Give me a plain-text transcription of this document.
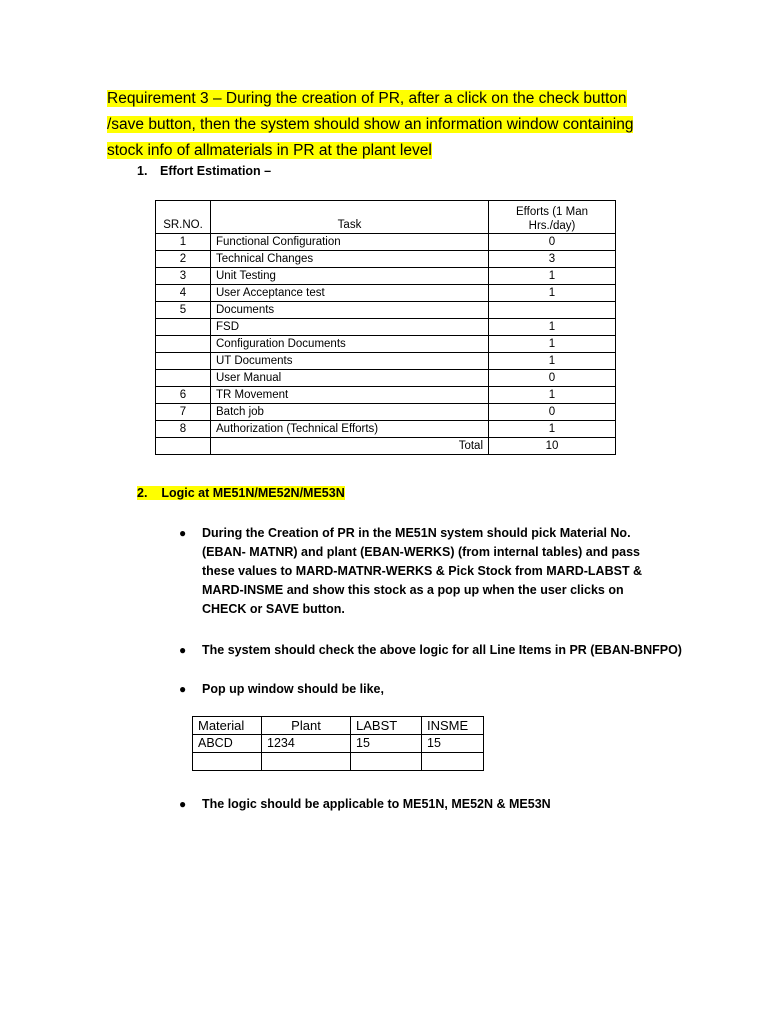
Requirement 3 – During the creation of PR, after a click on the check button
/save button, then the system should show an information window containing
stock info of allmaterials in PR at the plant level
1. Effort Estimation –
SR.NO.	Task	Efforts (1 Man Hrs./day)
1	Functional Configuration	0
2	Technical Changes	3
3	Unit Testing	1
4	User Acceptance test	1
5	Documents	
	FSD	1
	Configuration Documents	1
	UT Documents	1
	User Manual	0
6	TR Movement	1
7	Batch job	0
8	Authorization (Technical Efforts)	1
	Total	10
2. Logic at ME51N/ME52N/ME53N
● During the Creation of PR in the ME51N system should pick Material No.
(EBAN- MATNR) and plant (EBAN-WERKS) (from internal tables) and pass
these values to MARD-MATNR-WERKS & Pick Stock from MARD-LABST &
MARD-INSME and show this stock as a pop up when the user clicks on
CHECK or SAVE button.
● The system should check the above logic for all Line Items in PR (EBAN-BNFPO)
● Pop up window should be like,
Material	Plant	LABST	INSME
ABCD	1234	15	15

● The logic should be applicable to ME51N, ME52N & ME53N
